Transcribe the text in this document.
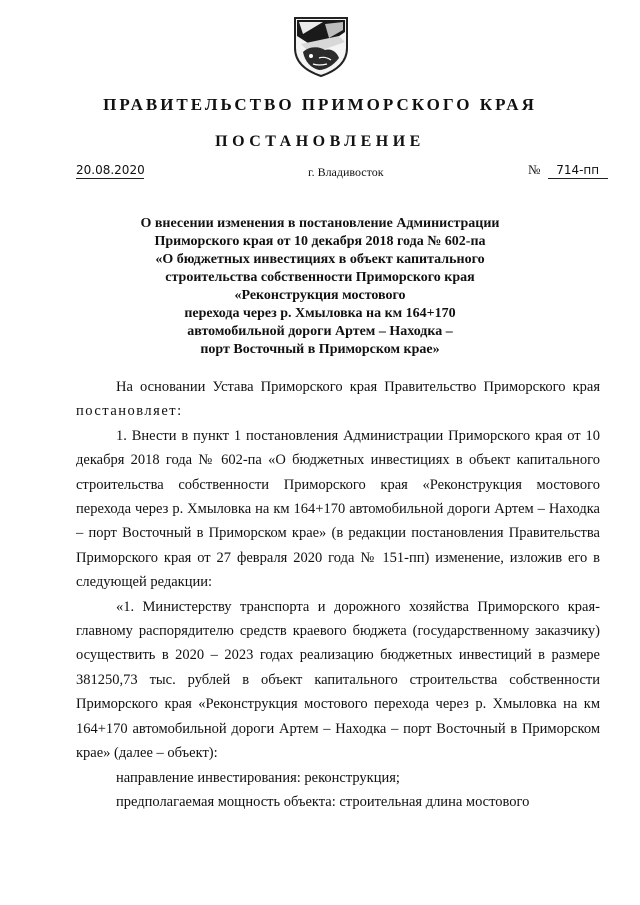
ПРАВИТЕЛЬСТВО ПРИМОРСКОГО КРАЯ
ПОСТАНОВЛЕНИЕ
20.08.2020	г. Владивосток	№ 714-пп

О внесении изменения в постановление Администрации
Приморского края от 10 декабря 2018 года № 602-па
«О бюджетных инвестициях в объект капитального
строительства собственности Приморского края
«Реконструкция мостового
перехода через р. Хмыловка на км 164+170
автомобильной дороги Артем – Находка –
порт Восточный в Приморском крае»

На основании Устава Приморского края Правительство Приморского края постановляет:

1. Внести в пункт 1 постановления Администрации Приморского края от 10 декабря 2018 года № 602-па «О бюджетных инвестициях в объект капитального строительства собственности Приморского края «Реконструкция мостового перехода через р. Хмыловка на км 164+170 автомобильной дороги Артем – Находка – порт Восточный в Приморском крае» (в редакции постановления Правительства Приморского края от 27 февраля 2020 года № 151-пп) изменение, изложив его в следующей редакции:

«1. Министерству транспорта и дорожного хозяйства Приморского края-главному распорядителю средств краевого бюджета (государственному заказчику) осуществить в 2020 – 2023 годах реализацию бюджетных инвестиций в размере 381250,73 тыс. рублей в объект капитального строительства собственности Приморского края «Реконструкция мостового перехода через р. Хмыловка на км 164+170 автомобильной дороги Артем – Находка – порт Восточный в Приморском крае» (далее – объект):

направление инвестирования: реконструкция;

предполагаемая мощность объекта: строительная длина мостового
